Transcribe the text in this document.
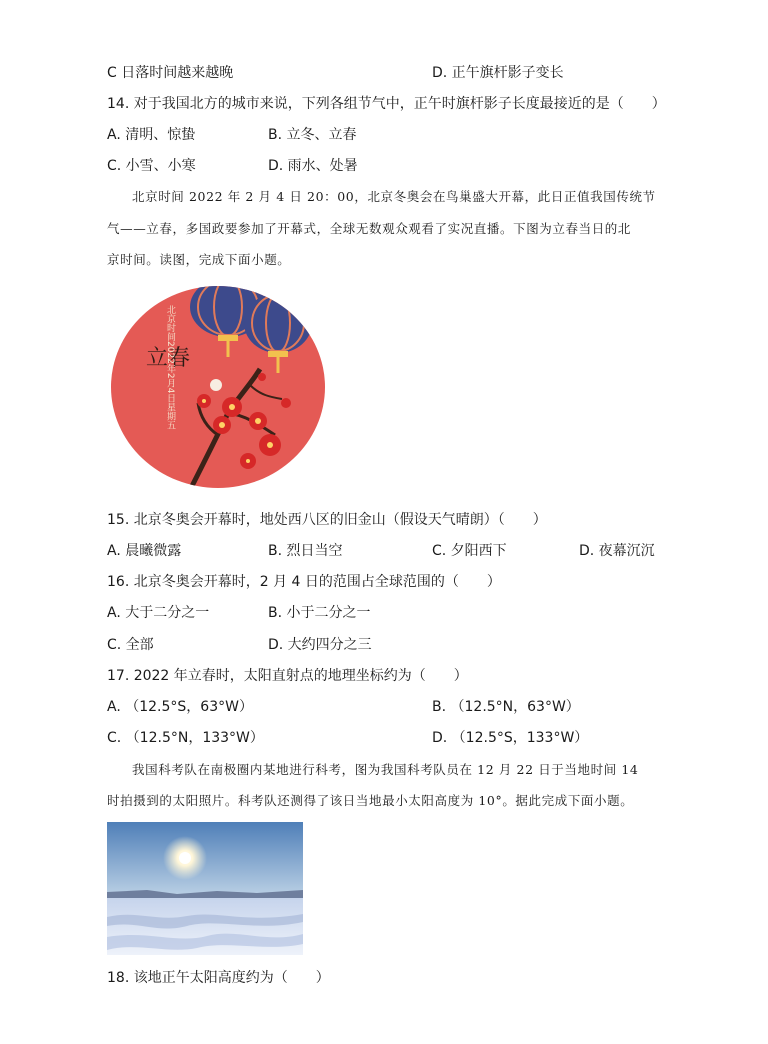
C 日落时间越来越晚	D. 正午旗杆影子变长
14. 对于我国北方的城市来说，下列各组节气中，正午时旗杆影子长度最接近的是（　　）
A. 清明、惊蛰	B. 立冬、立春
C. 小雪、小寒	D. 雨水、处暑
北京时间 2022 年 2 月 4 日 20：00，北京冬奥会在鸟巢盛大开幕，此日正值我国传统节
气——立春，多国政要参加了开幕式，全球无数观众观看了实况直播。下图为立春当日的北
京时间。读图，完成下面小题。
立春
北京时间2022年2月4日星期五
15. 北京冬奥会开幕时，地处西八区的旧金山（假设天气晴朗）（　　）
A. 晨曦微露	B. 烈日当空	C. 夕阳西下	D. 夜幕沉沉
16. 北京冬奥会开幕时，2 月 4 日的范围占全球范围的（　　）
A. 大于二分之一	B. 小于二分之一
C. 全部	D. 大约四分之三
17. 2022 年立春时，太阳直射点的地理坐标约为（　　）
A. （12.5°S，63°W）	B. （12.5°N，63°W）
C. （12.5°N，133°W）	D. （12.5°S，133°W）
我国科考队在南极圈内某地进行科考，图为我国科考队员在 12 月 22 日于当地时间 14
时拍摄到的太阳照片。科考队还测得了该日当地最小太阳高度为 10°。据此完成下面小题。
18. 该地正午太阳高度约为（　　）
